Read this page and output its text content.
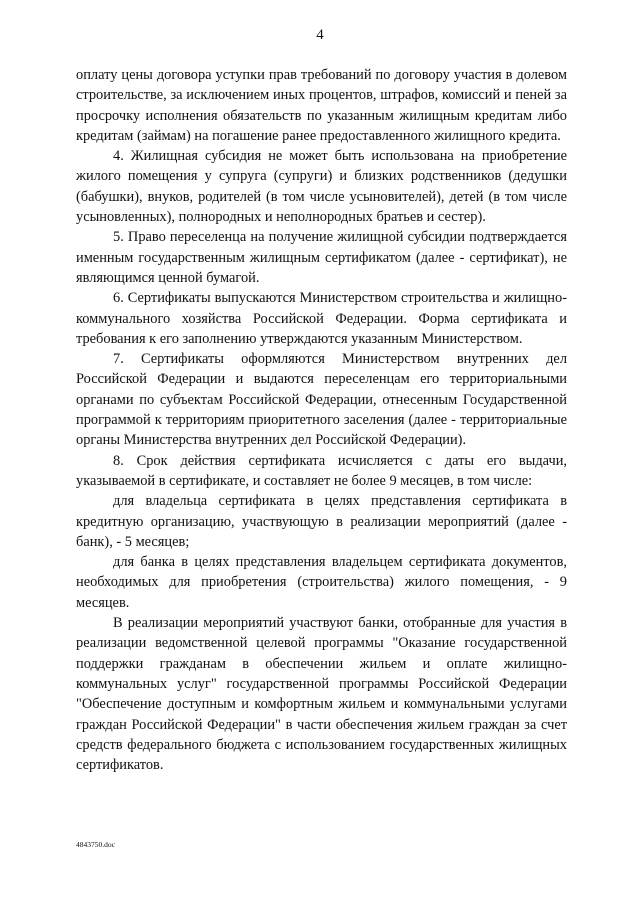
4

оплату цены договора уступки прав требований по договору участия в долевом строительстве, за исключением иных процентов, штрафов, комиссий и пеней за просрочку исполнения обязательств по указанным жилищным кредитам либо кредитам (займам) на погашение ранее предоставленного жилищного кредита.

4. Жилищная субсидия не может быть использована на приобретение жилого помещения у супруга (супруги) и близких родственников (дедушки (бабушки), внуков, родителей (в том числе усыновителей), детей (в том числе усыновленных), полнородных и неполнородных братьев и сестер).

5. Право переселенца на получение жилищной субсидии подтверждается именным государственным жилищным сертификатом (далее - сертификат), не являющимся ценной бумагой.

6. Сертификаты выпускаются Министерством строительства и жилищно-коммунального хозяйства Российской Федерации. Форма сертификата и требования к его заполнению утверждаются указанным Министерством.

7. Сертификаты оформляются Министерством внутренних дел Российской Федерации и выдаются переселенцам его территориальными органами по субъектам Российской Федерации, отнесенным Государственной программой к территориям приоритетного заселения (далее - территориальные органы Министерства внутренних дел Российской Федерации).

8. Срок действия сертификата исчисляется с даты его выдачи, указываемой в сертификате, и составляет не более 9 месяцев, в том числе:

для владельца сертификата в целях представления сертификата в кредитную организацию, участвующую в реализации мероприятий (далее - банк), - 5 месяцев;

для банка в целях представления владельцем сертификата документов, необходимых для приобретения (строительства) жилого помещения, - 9 месяцев.

В реализации мероприятий участвуют банки, отобранные для участия в реализации ведомственной целевой программы "Оказание государственной поддержки гражданам в обеспечении жильем и оплате жилищно-коммунальных услуг" государственной программы Российской Федерации "Обеспечение доступным и комфортным жильем и коммунальными услугами граждан Российской Федерации" в части обеспечения жильем граждан за счет средств федерального бюджета с использованием государственных жилищных сертификатов.

4843750.doc
